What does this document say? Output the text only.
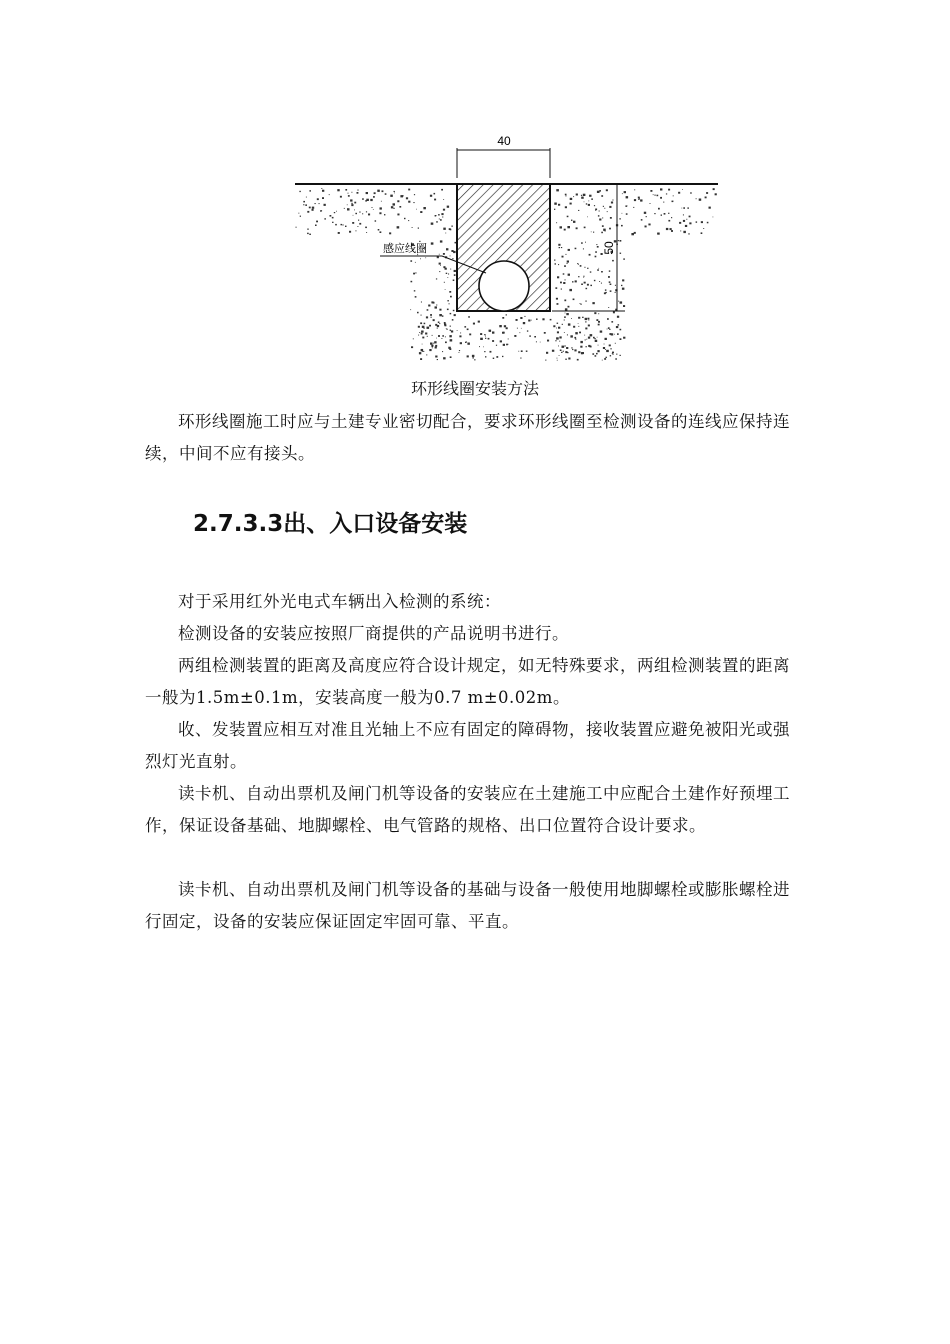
40
50
感应线圈
环形线圈安装方法

环形线圈施工时应与土建专业密切配合，要求环形线圈至检测设备的连线应保持连续，中间不应有接头。

2.7.3.3出、入口设备安装

对于采用红外光电式车辆出入检测的系统：

检测设备的安装应按照厂商提供的产品说明书进行。

两组检测装置的距离及高度应符合设计规定，如无特殊要求，两组检测装置的距离一般为1.5m±0.1m，安装高度一般为0.7 m±0.02m。

收、发装置应相互对准且光轴上不应有固定的障碍物，接收装置应避免被阳光或强烈灯光直射。

读卡机、自动出票机及闸门机等设备的安装应在土建施工中应配合土建作好预埋工作，保证设备基础、地脚螺栓、电气管路的规格、出口位置符合设计要求。

读卡机、自动出票机及闸门机等设备的基础与设备一般使用地脚螺栓或膨胀螺栓进行固定，设备的安装应保证固定牢固可靠、平直。
